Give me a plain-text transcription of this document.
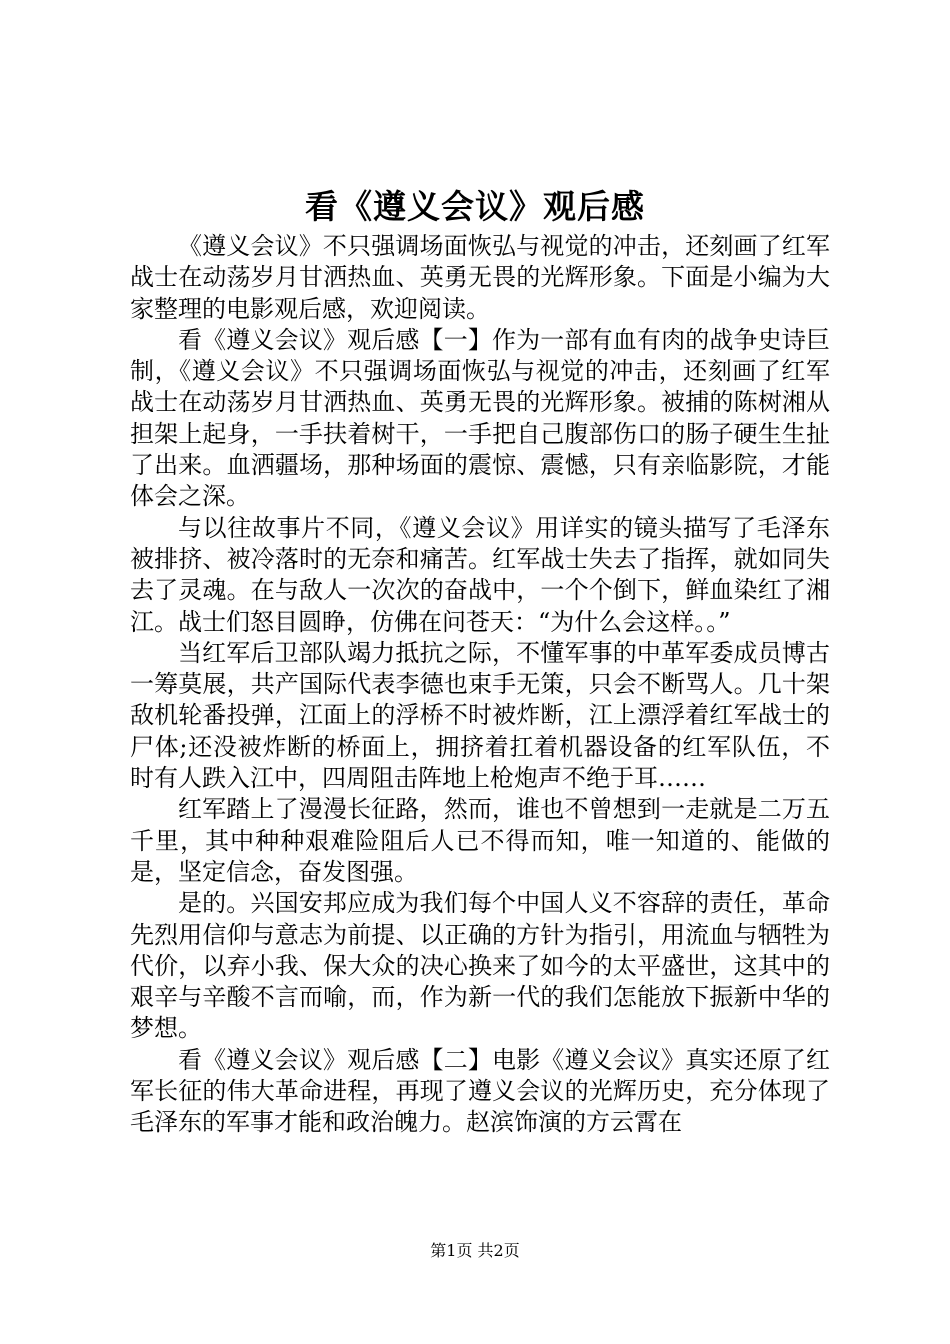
看《遵义会议》观后感

《遵义会议》不只强调场面恢弘与视觉的冲击，还刻画了红军战士在动荡岁月甘洒热血、英勇无畏的光辉形象。下面是小编为大家整理的电影观后感，欢迎阅读。

看《遵义会议》观后感【一】作为一部有血有肉的战争史诗巨制，《遵义会议》不只强调场面恢弘与视觉的冲击，还刻画了红军战士在动荡岁月甘洒热血、英勇无畏的光辉形象。被捕的陈树湘从担架上起身，一手扶着树干，一手把自己腹部伤口的肠子硬生生扯了出来。血洒疆场，那种场面的震惊、震憾，只有亲临影院，才能体会之深。

与以往故事片不同，《遵义会议》用详实的镜头描写了毛泽东被排挤、被冷落时的无奈和痛苦。红军战士失去了指挥，就如同失去了灵魂。在与敌人一次次的奋战中，一个个倒下，鲜血染红了湘江。战士们怒目圆睁，仿佛在问苍天：“为什么会这样。。”

当红军后卫部队竭力抵抗之际，不懂军事的中革军委成员博古一筹莫展，共产国际代表李德也束手无策，只会不断骂人。几十架敌机轮番投弹，江面上的浮桥不时被炸断，江上漂浮着红军战士的尸体;还没被炸断的桥面上，拥挤着扛着机器设备的红军队伍，不时有人跌入江中，四周阻击阵地上枪炮声不绝于耳……

红军踏上了漫漫长征路，然而，谁也不曾想到一走就是二万五千里，其中种种艰难险阻后人已不得而知，唯一知道的、能做的是，坚定信念，奋发图强。

是的。兴国安邦应成为我们每个中国人义不容辞的责任，革命先烈用信仰与意志为前提、以正确的方针为指引，用流血与牺牲为代价，以弃小我、保大众的决心换来了如今的太平盛世，这其中的艰辛与辛酸不言而喻，而，作为新一代的我们怎能放下振新中华的梦想。

看《遵义会议》观后感【二】电影《遵义会议》真实还原了红军长征的伟大革命进程，再现了遵义会议的光辉历史，充分体现了毛泽东的军事才能和政治魄力。赵滨饰演的方云霄在

第1页 共2页
